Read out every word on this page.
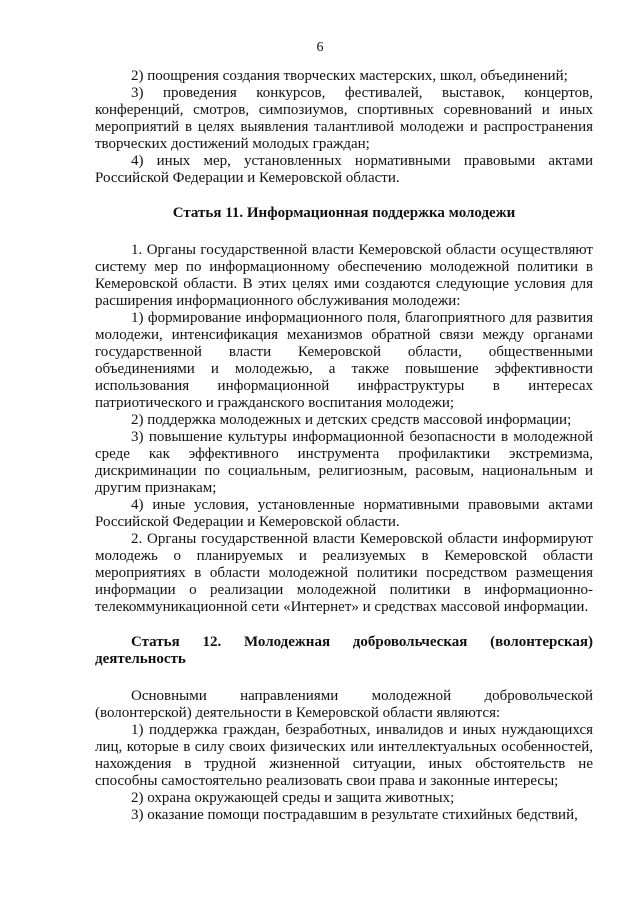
6

2) поощрения создания творческих мастерских, школ, объединений;

3) проведения конкурсов, фестивалей, выставок, концертов, конференций, смотров, симпозиумов, спортивных соревнований и иных мероприятий в целях выявления талантливой молодежи и распространения творческих достижений молодых граждан;

4) иных мер, установленных нормативными правовыми актами Российской Федерации и Кемеровской области.

Статья 11. Информационная поддержка молодежи

1. Органы государственной власти Кемеровской области осуществляют систему мер по информационному обеспечению молодежной политики в Кемеровской области. В этих целях ими создаются следующие условия для расширения информационного обслуживания молодежи:

1) формирование информационного поля, благоприятного для развития молодежи, интенсификация механизмов обратной связи между органами государственной власти Кемеровской области, общественными объединениями и молодежью, а также повышение эффективности использования информационной инфраструктуры в интересах патриотического и гражданского воспитания молодежи;

2) поддержка молодежных и детских средств массовой информации;

3) повышение культуры информационной безопасности в молодежной среде как эффективного инструмента профилактики экстремизма, дискриминации по социальным, религиозным, расовым, национальным и другим признакам;

4) иные условия, установленные нормативными правовыми актами Российской Федерации и Кемеровской области.

2. Органы государственной власти Кемеровской области информируют молодежь о планируемых и реализуемых в Кемеровской области мероприятиях в области молодежной политики посредством размещения информации о реализации молодежной политики в информационно-телекоммуникационной сети «Интернет» и средствах массовой информации.

Статья 12. Молодежная добровольческая (волонтерская) деятельность

Основными направлениями молодежной добровольческой (волонтерской) деятельности в Кемеровской области являются:

1) поддержка граждан, безработных, инвалидов и иных нуждающихся лиц, которые в силу своих физических или интеллектуальных особенностей, нахождения в трудной жизненной ситуации, иных обстоятельств не способны самостоятельно реализовать свои права и законные интересы;

2) охрана окружающей среды и защита животных;

3) оказание помощи пострадавшим в результате стихийных бедствий,
